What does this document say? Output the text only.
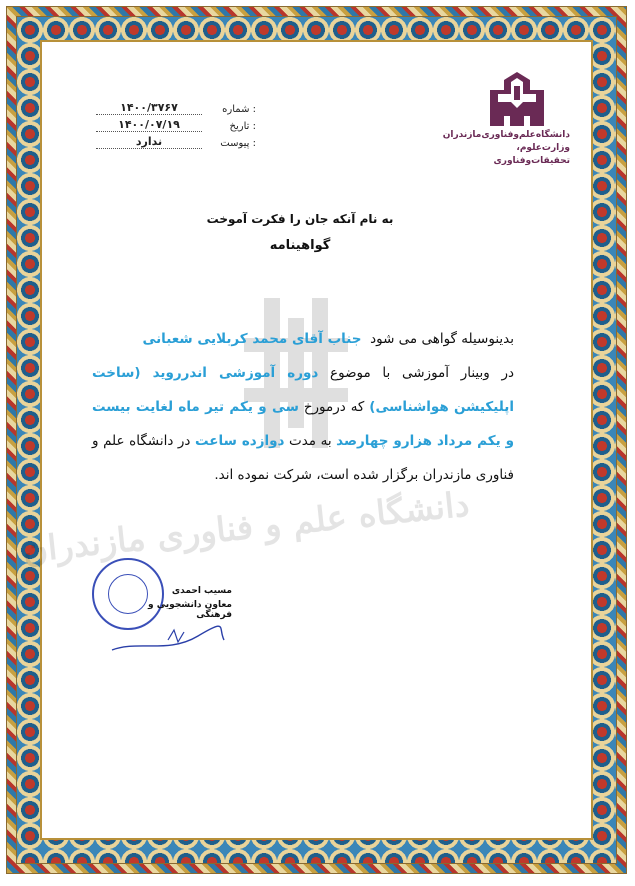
دانشگاه علم و فناوری مازندران
دانشگاه‌علم‌وفناوری‌مازندران
وزارت‌علوم، تحقیقات‌وفناوری
: شماره
۱۴۰۰/۳۷۶۷
: تاریخ
۱۴۰۰/۰۷/۱۹
: پیوست
ندارد
به نام آنکه جان را فکرت آموخت
گواهینامه
بدینوسیله گواهی می شود  جناب آقای محمد کربلایی شعبانی
در وبینار آموزشی با موضوع دوره آموزشی اندرروید (ساخت اپلیکیشن هواشناسی) که درمورخ سی و یکم تیر ماه لغایت بیست و یکم مرداد هزارو چهارصد به مدت دوازده ساعت در دانشگاه علم و فناوری مازندران برگزار شده است، شرکت نموده اند.
مسیب احمدی
معاون دانشجویی و فرهنگی
